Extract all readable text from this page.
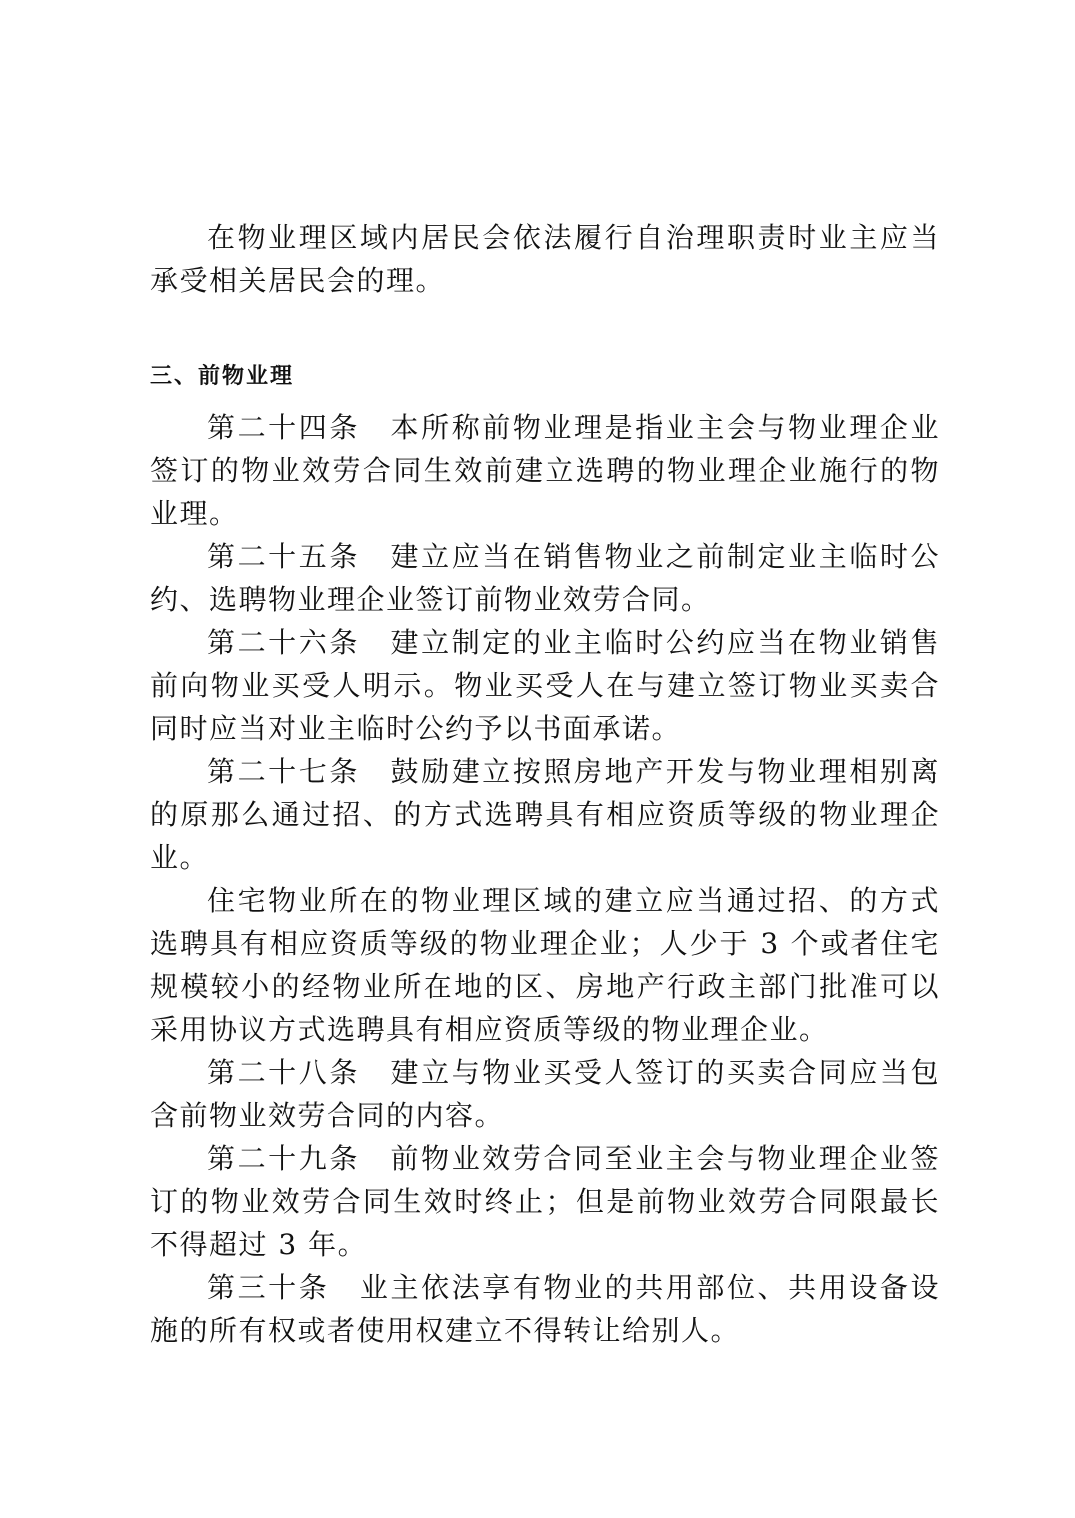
在物业理区域内居民会依法履行自治理职责时业主应当承受相关居民会的理。

三、前物业理

第二十四条　本所称前物业理是指业主会与物业理企业签订的物业效劳合同生效前建立选聘的物业理企业施行的物业理。

第二十五条　建立应当在销售物业之前制定业主临时公约、选聘物业理企业签订前物业效劳合同。

第二十六条　建立制定的业主临时公约应当在物业销售前向物业买受人明示。物业买受人在与建立签订物业买卖合同时应当对业主临时公约予以书面承诺。

第二十七条　鼓励建立按照房地产开发与物业理相别离的原那么通过招、的方式选聘具有相应资质等级的物业理企业。

住宅物业所在的物业理区域的建立应当通过招、的方式选聘具有相应资质等级的物业理企业；人少于 3 个或者住宅规模较小的经物业所在地的区、房地产行政主部门批准可以采用协议方式选聘具有相应资质等级的物业理企业。

第二十八条　建立与物业买受人签订的买卖合同应当包含前物业效劳合同的内容。

第二十九条　前物业效劳合同至业主会与物业理企业签订的物业效劳合同生效时终止；但是前物业效劳合同限最长不得超过 3 年。

第三十条　业主依法享有物业的共用部位、共用设备设施的所有权或者使用权建立不得转让给别人。
